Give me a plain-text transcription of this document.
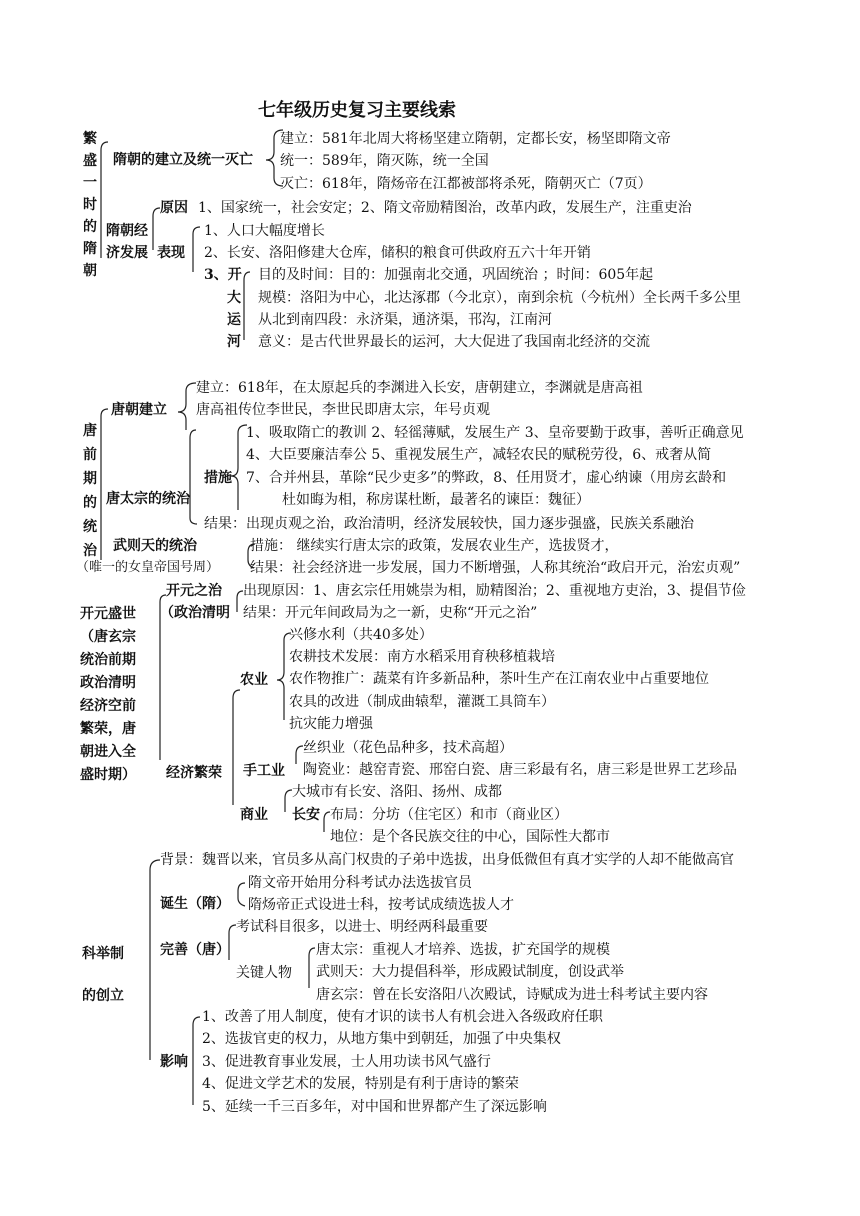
七年级历史复习主要线索
繁
盛
一
时
的
隋
朝
隋朝的建立及统一灭亡
建立：581年北周大将杨坚建立隋朝，定都长安，杨坚即隋文帝
统一：589年，隋灭陈，统一全国
灭亡：618年，隋炀帝在江都被部将杀死，隋朝灭亡（7页）
隋朝经
济发展
原因 1、国家统一，社会安定；2、隋文帝励精图治，改革内政，发展生产，注重吏治
表现
1、人口大幅度增长
2、长安、洛阳修建大仓库，储积的粮食可供政府五六十年开销
3、开
大
运
河
目的及时间：目的：加强南北交通，巩固统治 ；时间：605年起
规模：洛阳为中心，北达涿郡（今北京），南到余杭（今杭州）全长两千多公里
从北到南四段：永济渠，通济渠，邗沟，江南河
意义：是古代世界最长的运河，大大促进了我国南北经济的交流
唐
前
期
的
统
治
唐朝建立
建立：618年，在太原起兵的李渊进入长安，唐朝建立，李渊就是唐高祖
唐高祖传位李世民，李世民即唐太宗，年号贞观
唐太宗的统治
措施
1、吸取隋亡的教训 2、轻徭薄赋，发展生产 3、皇帝要勤于政事，善听正确意见
4、大臣要廉洁奉公 5、重视发展生产，减轻农民的赋税劳役，6、戒奢从简
7、合并州县，革除“民少吏多”的弊政，8、任用贤才，虚心纳谏（用房玄龄和
杜如晦为相，称房谋杜断，最著名的谏臣：魏征）
结果：出现贞观之治，政治清明，经济发展较快，国力逐步强盛，民族关系融治
武则天的统治
（唯一的女皇帝国号周）
措施： 继续实行唐太宗的政策，发展农业生产，选拔贤才，
结果：社会经济进一步发展，国力不断增强，人称其统治“政启开元，治宏贞观”
开元盛世
（唐玄宗
统治前期
政治清明
经济空前
繁荣，唐
朝进入全
盛时期）
开元之治
（政治清明
出现原因：1、唐玄宗任用姚崇为相，励精图治；2、重视地方吏治，3、提倡节俭
结果：开元年间政局为之一新，史称“开元之治”
经济繁荣
农业
兴修水利（共40多处）
农耕技术发展：南方水稻采用育秧移植栽培
农作物推广：蔬菜有许多新品种，茶叶生产在江南农业中占重要地位
农具的改进（制成曲辕犁，灌溉工具筒车）
抗灾能力增强
手工业
丝织业（花色品种多，技术高超）
陶瓷业：越窑青瓷、邢窑白瓷、唐三彩最有名，唐三彩是世界工艺珍品
商业
大城市有长安、洛阳、扬州、成都
长安 布局：分坊（住宅区）和市（商业区）
地位：是个各民族交往的中心，国际性大都市
科举制
的创立
背景：魏晋以来，官员多从高门权贵的子弟中选拔，出身低微但有真才实学的人却不能做高官
诞生（隋）
隋文帝开始用分科考试办法选拔官员
隋炀帝正式设进士科，按考试成绩选拔人才
完善（唐）
考试科目很多，以进士、明经两科最重要
关键人物
唐太宗：重视人才培养、选拔，扩充国学的规模
武则天：大力提倡科举，形成殿试制度，创设武举
唐玄宗：曾在长安洛阳八次殿试，诗赋成为进士科考试主要内容
影响
1、改善了用人制度，使有才识的读书人有机会进入各级政府任职
2、选拔官吏的权力，从地方集中到朝廷，加强了中央集权
3、促进教育事业发展，士人用功读书风气盛行
4、促进文学艺术的发展，特别是有利于唐诗的繁荣
5、延续一千三百多年，对中国和世界都产生了深远影响
